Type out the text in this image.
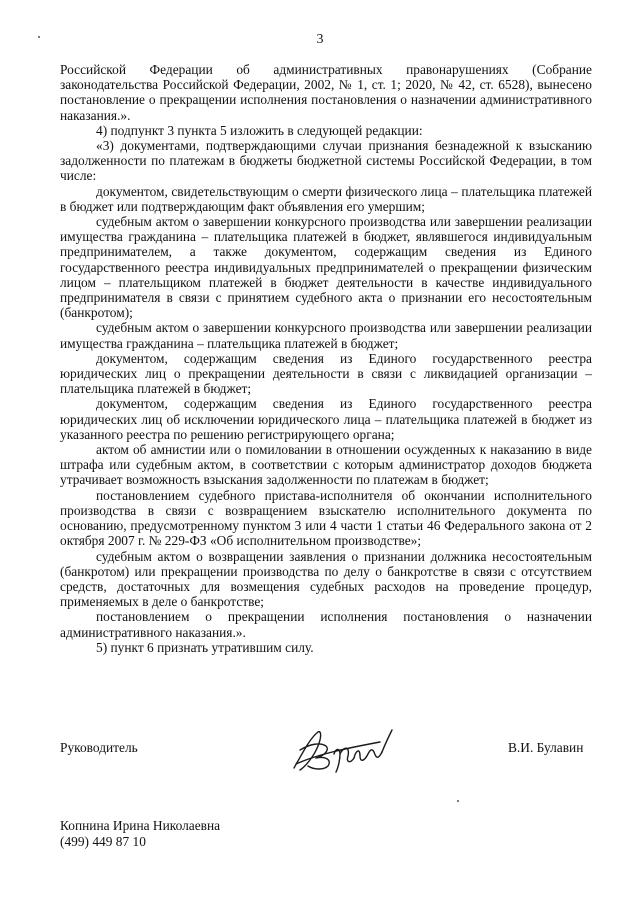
3

Российской Федерации об административных правонарушениях (Собрание законодательства Российской Федерации, 2002, № 1, ст. 1; 2020, № 42, ст. 6528), вынесено постановление о прекращении исполнения постановления о назначении административного наказания.».

4) подпункт 3 пункта 5 изложить в следующей редакции:

«3) документами, подтверждающими случаи признания безнадежной к взысканию задолженности по платежам в бюджеты бюджетной системы Российской Федерации, в том числе:

документом, свидетельствующим о смерти физического лица – плательщика платежей в бюджет или подтверждающим факт объявления его умершим;

судебным актом о завершении конкурсного производства или завершении реализации имущества гражданина – плательщика платежей в бюджет, являвшегося индивидуальным предпринимателем, а также документом, содержащим сведения из Единого государственного реестра индивидуальных предпринимателей о прекращении физическим лицом – плательщиком платежей в бюджет деятельности в качестве индивидуального предпринимателя в связи с принятием судебного акта о признании его несостоятельным (банкротом);

судебным актом о завершении конкурсного производства или завершении реализации имущества гражданина – плательщика платежей в бюджет;

документом, содержащим сведения из Единого государственного реестра юридических лиц о прекращении деятельности в связи с ликвидацией организации – плательщика платежей в бюджет;

документом, содержащим сведения из Единого государственного реестра юридических лиц об исключении юридического лица – плательщика платежей в бюджет из указанного реестра по решению регистрирующего органа;

актом об амнистии или о помиловании в отношении осужденных к наказанию в виде штрафа или судебным актом, в соответствии с которым администратор доходов бюджета утрачивает возможность взыскания задолженности по платежам в бюджет;

постановлением судебного пристава-исполнителя об окончании исполнительного производства в связи с возвращением взыскателю исполнительного документа по основанию, предусмотренному пунктом 3 или 4 части 1 статьи 46 Федерального закона от 2 октября 2007 г. № 229-ФЗ «Об исполнительном производстве»;

судебным актом о возвращении заявления о признании должника несостоятельным (банкротом) или прекращении производства по делу о банкротстве в связи с отсутствием средств, достаточных для возмещения судебных расходов на проведение процедур, применяемых в деле о банкротстве;

постановлением о прекращении исполнения постановления о назначении административного наказания.».

5) пункт 6 признать утратившим силу.

Руководитель	В.И. Булавин
Копнина Ирина Николаевна
(499) 449 87 10
